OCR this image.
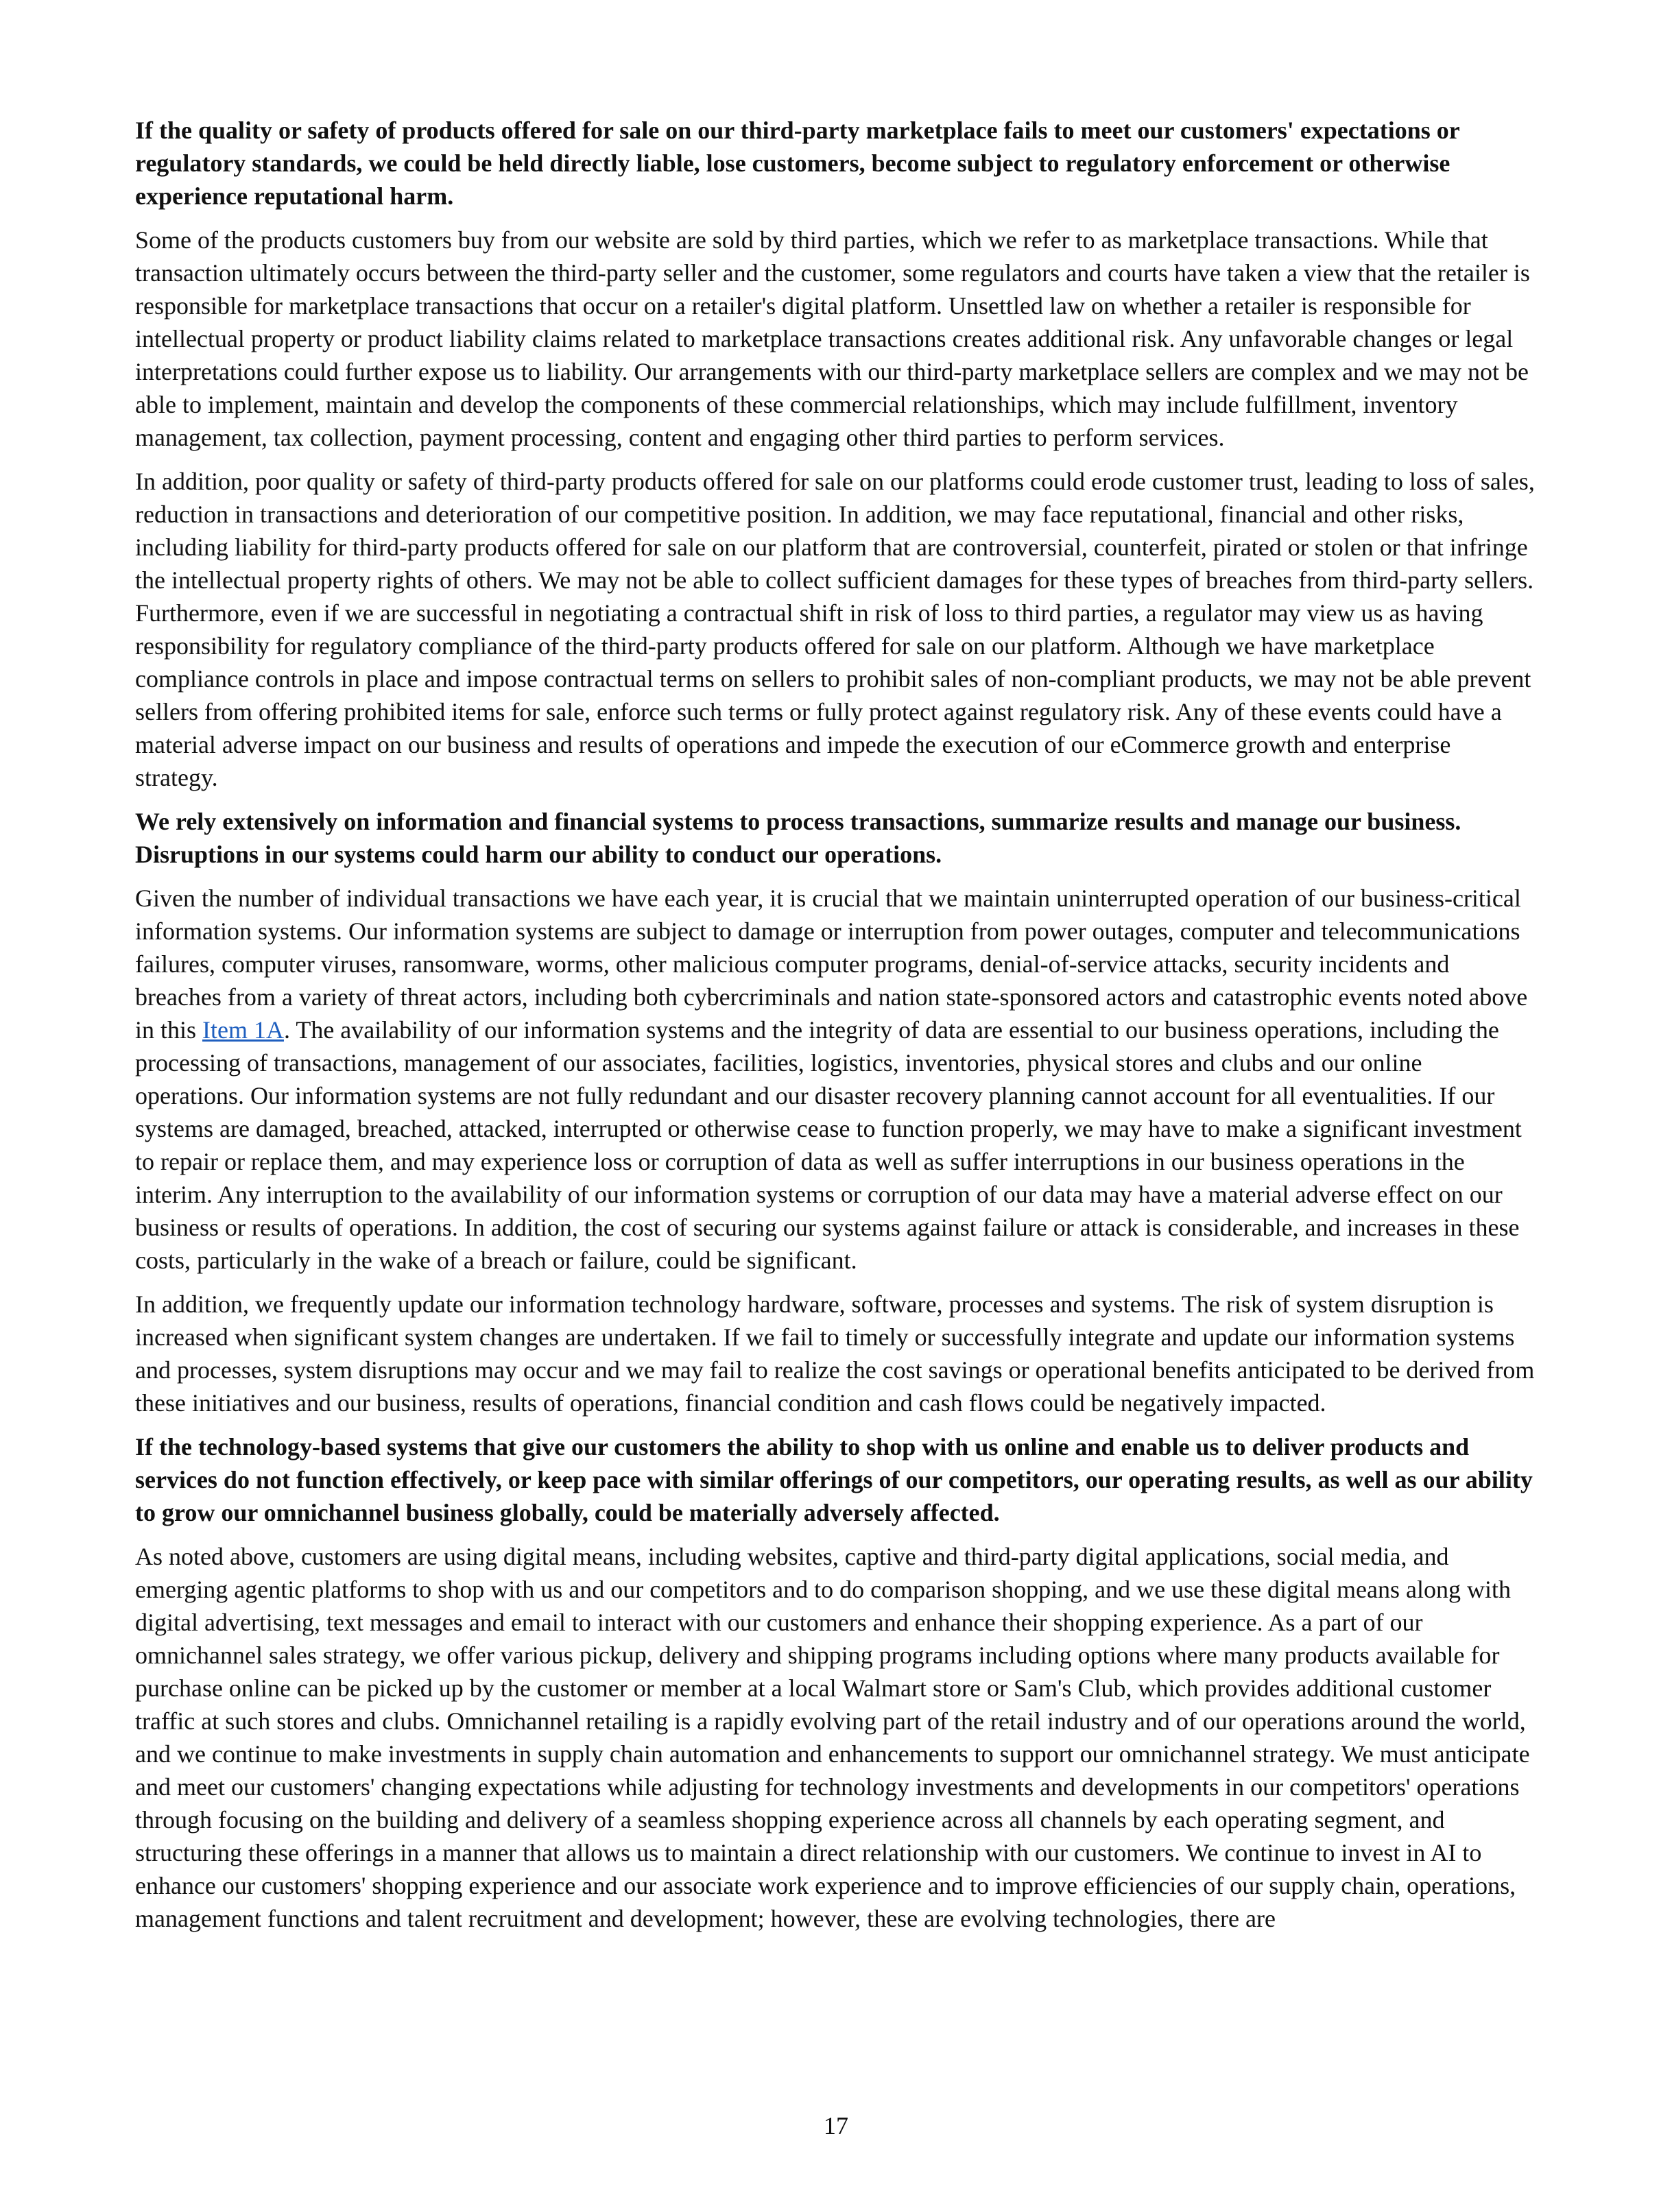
If the quality or safety of products offered for sale on our third-party marketplace fails to meet our customers' expectations or regulatory standards, we could be held directly liable, lose customers, become subject to regulatory enforcement or otherwise experience reputational harm.

Some of the products customers buy from our website are sold by third parties, which we refer to as marketplace transactions. While that transaction ultimately occurs between the third-party seller and the customer, some regulators and courts have taken a view that the retailer is responsible for marketplace transactions that occur on a retailer's digital platform. Unsettled law on whether a retailer is responsible for intellectual property or product liability claims related to marketplace transactions creates additional risk. Any unfavorable changes or legal interpretations could further expose us to liability. Our arrangements with our third-party marketplace sellers are complex and we may not be able to implement, maintain and develop the components of these commercial relationships, which may include fulfillment, inventory management, tax collection, payment processing, content and engaging other third parties to perform services.

In addition, poor quality or safety of third-party products offered for sale on our platforms could erode customer trust, leading to loss of sales, reduction in transactions and deterioration of our competitive position. In addition, we may face reputational, financial and other risks, including liability for third-party products offered for sale on our platform that are controversial, counterfeit, pirated or stolen or that infringe the intellectual property rights of others. We may not be able to collect sufficient damages for these types of breaches from third-party sellers. Furthermore, even if we are successful in negotiating a contractual shift in risk of loss to third parties, a regulator may view us as having responsibility for regulatory compliance of the third-party products offered for sale on our platform. Although we have marketplace compliance controls in place and impose contractual terms on sellers to prohibit sales of non-compliant products, we may not be able prevent sellers from offering prohibited items for sale, enforce such terms or fully protect against regulatory risk. Any of these events could have a material adverse impact on our business and results of operations and impede the execution of our eCommerce growth and enterprise strategy.

We rely extensively on information and financial systems to process transactions, summarize results and manage our business. Disruptions in our systems could harm our ability to conduct our operations.

Given the number of individual transactions we have each year, it is crucial that we maintain uninterrupted operation of our business-critical information systems. Our information systems are subject to damage or interruption from power outages, computer and telecommunications failures, computer viruses, ransomware, worms, other malicious computer programs, denial-of-service attacks, security incidents and breaches from a variety of threat actors, including both cybercriminals and nation state-sponsored actors and catastrophic events noted above in this Item 1A. The availability of our information systems and the integrity of data are essential to our business operations, including the processing of transactions, management of our associates, facilities, logistics, inventories, physical stores and clubs and our online operations. Our information systems are not fully redundant and our disaster recovery planning cannot account for all eventualities. If our systems are damaged, breached, attacked, interrupted or otherwise cease to function properly, we may have to make a significant investment to repair or replace them, and may experience loss or corruption of data as well as suffer interruptions in our business operations in the interim. Any interruption to the availability of our information systems or corruption of our data may have a material adverse effect on our business or results of operations. In addition, the cost of securing our systems against failure or attack is considerable, and increases in these costs, particularly in the wake of a breach or failure, could be significant.

In addition, we frequently update our information technology hardware, software, processes and systems. The risk of system disruption is increased when significant system changes are undertaken. If we fail to timely or successfully integrate and update our information systems and processes, system disruptions may occur and we may fail to realize the cost savings or operational benefits anticipated to be derived from these initiatives and our business, results of operations, financial condition and cash flows could be negatively impacted.

If the technology-based systems that give our customers the ability to shop with us online and enable us to deliver products and services do not function effectively, or keep pace with similar offerings of our competitors, our operating results, as well as our ability to grow our omnichannel business globally, could be materially adversely affected.

As noted above, customers are using digital means, including websites, captive and third-party digital applications, social media, and emerging agentic platforms to shop with us and our competitors and to do comparison shopping, and we use these digital means along with digital advertising, text messages and email to interact with our customers and enhance their shopping experience. As a part of our omnichannel sales strategy, we offer various pickup, delivery and shipping programs including options where many products available for purchase online can be picked up by the customer or member at a local Walmart store or Sam's Club, which provides additional customer traffic at such stores and clubs. Omnichannel retailing is a rapidly evolving part of the retail industry and of our operations around the world, and we continue to make investments in supply chain automation and enhancements to support our omnichannel strategy. We must anticipate and meet our customers' changing expectations while adjusting for technology investments and developments in our competitors' operations through focusing on the building and delivery of a seamless shopping experience across all channels by each operating segment, and structuring these offerings in a manner that allows us to maintain a direct relationship with our customers. We continue to invest in AI to enhance our customers' shopping experience and our associate work experience and to improve efficiencies of our supply chain, operations, management functions and talent recruitment and development; however, these are evolving technologies, there are

17
